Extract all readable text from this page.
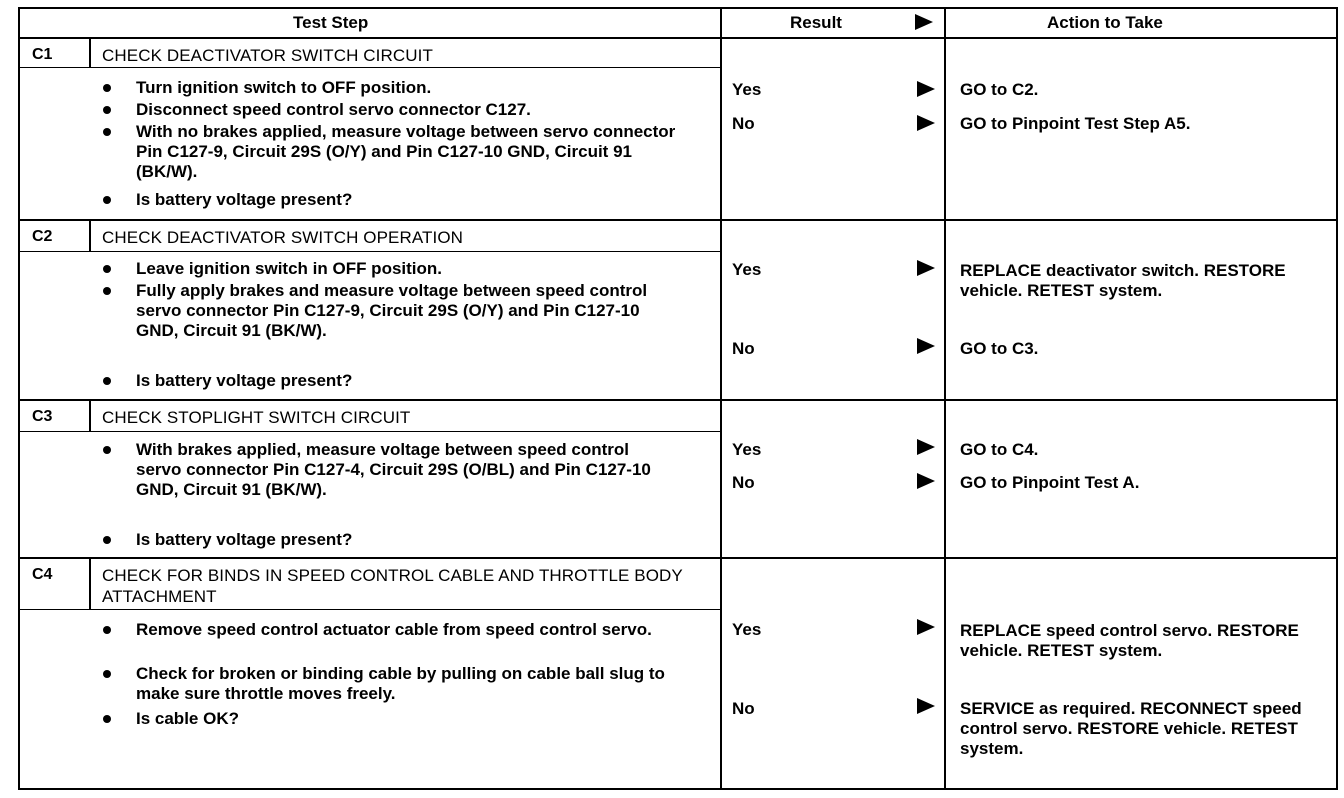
Test Step	Result	Action to Take
C1	CHECK DEACTIVATOR SWITCH CIRCUIT
Turn ignition switch to OFF position.
Disconnect speed control servo connector C127.
With no brakes applied, measure voltage between servo connector Pin C127-9, Circuit 29S (O/Y) and Pin C127-10 GND, Circuit 91 (BK/W).
Is battery voltage present?
Yes	GO to C2.
No	GO to Pinpoint Test Step A5.
C2	CHECK DEACTIVATOR SWITCH OPERATION
Leave ignition switch in OFF position.
Fully apply brakes and measure voltage between speed control servo connector Pin C127-9, Circuit 29S (O/Y) and Pin C127-10 GND, Circuit 91 (BK/W).
Is battery voltage present?
Yes	REPLACE deactivator switch. RESTORE vehicle. RETEST system.
No	GO to C3.
C3	CHECK STOPLIGHT SWITCH CIRCUIT
With brakes applied, measure voltage between speed control servo connector Pin C127-4, Circuit 29S (O/BL) and Pin C127-10 GND, Circuit 91 (BK/W).
Is battery voltage present?
Yes	GO to C4.
No	GO to Pinpoint Test A.
C4	CHECK FOR BINDS IN SPEED CONTROL CABLE AND THROTTLE BODY ATTACHMENT
Remove speed control actuator cable from speed control servo.
Check for broken or binding cable by pulling on cable ball slug to make sure throttle moves freely.
Is cable OK?
Yes	REPLACE speed control servo. RESTORE vehicle. RETEST system.
No	SERVICE as required. RECONNECT speed control servo. RESTORE vehicle. RETEST system.
